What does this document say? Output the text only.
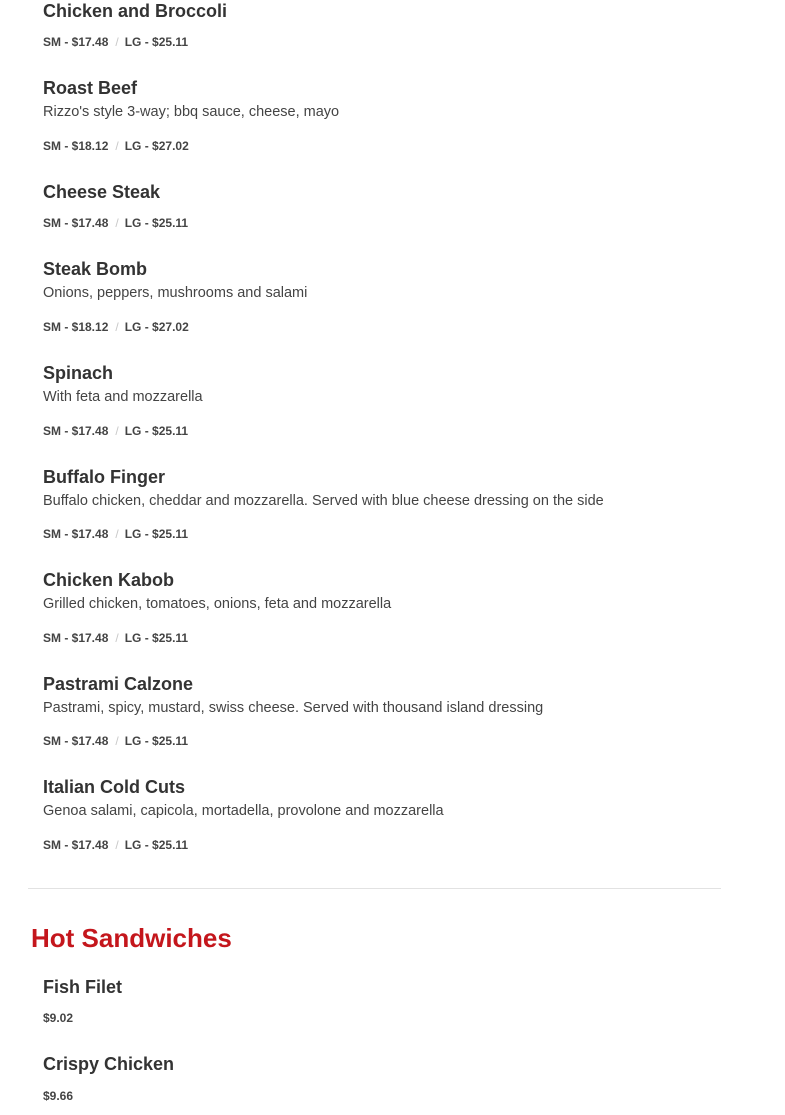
Chicken and Broccoli
SM - $17.48 / LG - $25.11
Roast Beef
Rizzo's style 3-way; bbq sauce, cheese, mayo
SM - $18.12 / LG - $27.02
Cheese Steak
SM - $17.48 / LG - $25.11
Steak Bomb
Onions, peppers, mushrooms and salami
SM - $18.12 / LG - $27.02
Spinach
With feta and mozzarella
SM - $17.48 / LG - $25.11
Buffalo Finger
Buffalo chicken, cheddar and mozzarella. Served with blue cheese dressing on the side
SM - $17.48 / LG - $25.11
Chicken Kabob
Grilled chicken, tomatoes, onions, feta and mozzarella
SM - $17.48 / LG - $25.11
Pastrami Calzone
Pastrami, spicy, mustard, swiss cheese. Served with thousand island dressing
SM - $17.48 / LG - $25.11
Italian Cold Cuts
Genoa salami, capicola, mortadella, provolone and mozzarella
SM - $17.48 / LG - $25.11
Hot Sandwiches
Fish Filet
$9.02
Crispy Chicken
$9.66
